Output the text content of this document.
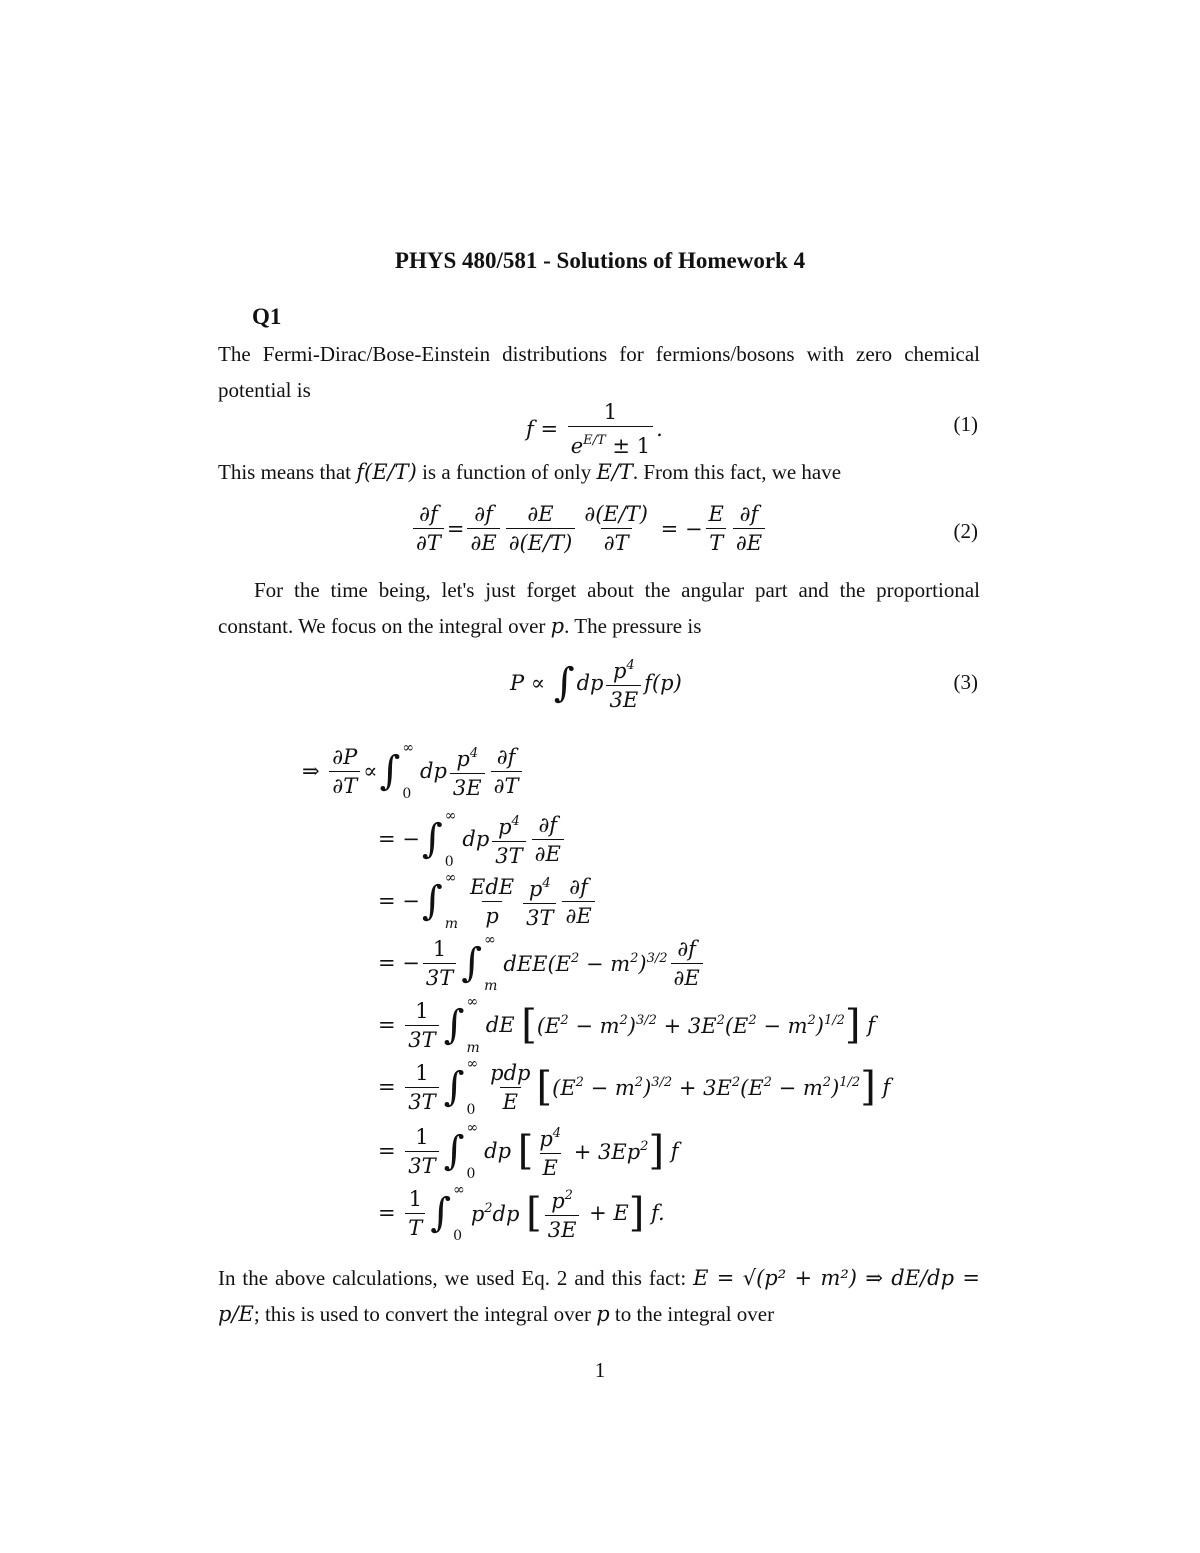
PHYS 480/581 - Solutions of Homework 4
Q1
The Fermi-Dirac/Bose-Einstein distributions for fermions/bosons with zero chemical potential is
$f = \frac{1}{e^{E/T} \pm 1}$ .	(1)
This means that f(E/T) is a function of only E/T. From this fact, we have
$\frac{\partial f}{\partial T} = \frac{\partial f}{\partial E} \frac{\partial E}{\partial(E/T)} \frac{\partial(E/T)}{\partial T}$ = − $\frac{E}{T} \frac{\partial f}{\partial E}$	(2)
For the time being, let's just forget about the angular part and the proportional constant. We focus on the integral over p. The pressure is
P
∝
∫ dp $\frac{p^4}{3E} f(p)$	(3)
⇒
$\frac{\partial P}{\partial T}$ ∝ ∫ ∞
0
dp $\frac{p^4}{3E} \frac{\partial f}{\partial T}$
= − ∫ ∞
0
dp $\frac{p^4}{3T} \frac{\partial f}{\partial E}$
= − ∫ ∞
m $\frac{\text{EdE}}{p} \frac{p^4}{3T} \frac{\partial f}{\partial E}$
= − $\frac{1}{3T}$ ∫ ∞
m
$dEE(E^2 - m^2)^{3/2} \frac{\partial f}{\partial E}$
= $\frac{1}{3T}$ ∫ ∞
m
dE [ $(E^2 - m^2)^{3/2} + 3E^2(E^2 - m^2)^{1/2}$ ] f
= $\frac{1}{3T}$ ∫ ∞
$0 \frac{\text{pdp}}{E}$ [ $(E^2 - m^2)^{3/2} + 3E^2(E^2 - m^2)^{1/2}$ ] f
= $\frac{1}{3T}$ ∫ ∞
0
dp [ $\frac{p^4}{E} + 3Ep^2$ ] f
= $\frac{1}{T}$ ∫ ∞
0
$p^2dp$ [ $\frac{p^2}{3E} + E$ ] f.
In the above calculations, we used Eq. 2 and this fact: E = √(p² + m²) ⇒ dE/dp = p/E; this is used to convert the integral over p to the integral over
1
